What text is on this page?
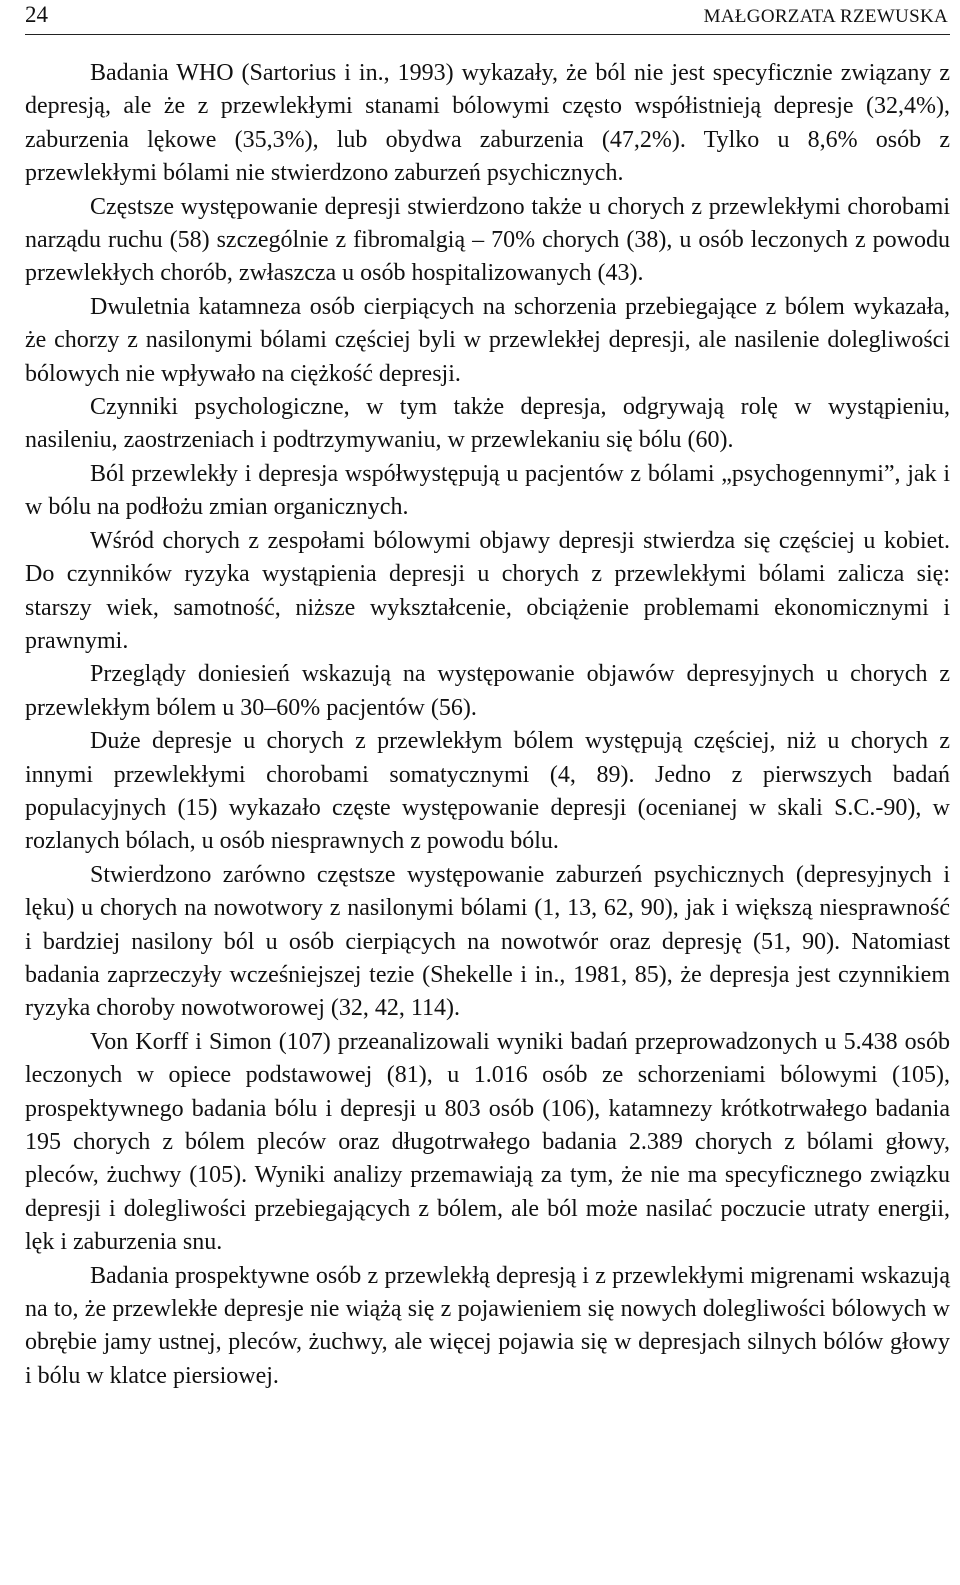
24	MAŁGORZATA RZEWUSKA

Badania WHO (Sartorius i in., 1993) wykazały, że ból nie jest specyficznie związany z depresją, ale że z przewlekłymi stanami bólowymi często współistnieją depresje (32,4%), zaburzenia lękowe (35,3%), lub obydwa zaburzenia (47,2%). Tylko u 8,6% osób z przewlekłymi bólami nie stwierdzono zaburzeń psychicznych.

Częstsze występowanie depresji stwierdzono także u chorych z przewlekłymi chorobami narządu ruchu (58) szczególnie z fibromalgią – 70% chorych (38), u osób leczonych z powodu przewlekłych chorób, zwłaszcza u osób hospitalizowanych (43).

Dwuletnia katamneza osób cierpiących na schorzenia przebiegające z bólem wykazała, że chorzy z nasilonymi bólami częściej byli w przewlekłej depresji, ale nasilenie dolegliwości bólowych nie wpływało na ciężkość depresji.

Czynniki psychologiczne, w tym także depresja, odgrywają rolę w wystąpieniu, nasileniu, zaostrzeniach i podtrzymywaniu, w przewlekaniu się bólu (60).

Ból przewlekły i depresja współwystępują u pacjentów z bólami „psychogennymi”, jak i w bólu na podłożu zmian organicznych.

Wśród chorych z zespołami bólowymi objawy depresji stwierdza się częściej u kobiet. Do czynników ryzyka wystąpienia depresji u chorych z przewlekłymi bólami zalicza się: starszy wiek, samotność, niższe wykształcenie, obciążenie problemami ekonomicznymi i prawnymi.

Przeglądy doniesień wskazują na występowanie objawów depresyjnych u chorych z przewlekłym bólem u 30–60% pacjentów (56).

Duże depresje u chorych z przewlekłym bólem występują częściej, niż u chorych z innymi przewlekłymi chorobami somatycznymi (4, 89). Jedno z pierwszych badań populacyjnych (15) wykazało częste występowanie depresji (ocenianej w skali S.C.-90), w rozlanych bólach, u osób niesprawnych z powodu bólu.

Stwierdzono zarówno częstsze występowanie zaburzeń psychicznych (depresyjnych i lęku) u chorych na nowotwory z nasilonymi bólami (1, 13, 62, 90), jak i większą niesprawność i bardziej nasilony ból u osób cierpiących na nowotwór oraz depresję (51, 90). Natomiast badania zaprzeczyły wcześniejszej tezie (Shekelle i in., 1981, 85), że depresja jest czynnikiem ryzyka choroby nowotworowej (32, 42, 114).

Von Korff i Simon (107) przeanalizowali wyniki badań przeprowadzonych u 5.438 osób leczonych w opiece podstawowej (81), u 1.016 osób ze schorzeniami bólowymi (105), prospektywnego badania bólu i depresji u 803 osób (106), katamnezy krótkotrwałego badania 195 chorych z bólem pleców oraz długotrwałego badania 2.389 chorych z bólami głowy, pleców, żuchwy (105). Wyniki analizy przemawiają za tym, że nie ma specyficznego związku depresji i dolegliwości przebiegających z bólem, ale ból może nasilać poczucie utraty energii, lęk i zaburzenia snu.

Badania prospektywne osób z przewlekłą depresją i z przewlekłymi migrenami wskazują na to, że przewlekłe depresje nie wiążą się z pojawieniem się nowych dolegliwości bólowych w obrębie jamy ustnej, pleców, żuchwy, ale więcej pojawia się w depresjach silnych bólów głowy i bólu w klatce piersiowej.
